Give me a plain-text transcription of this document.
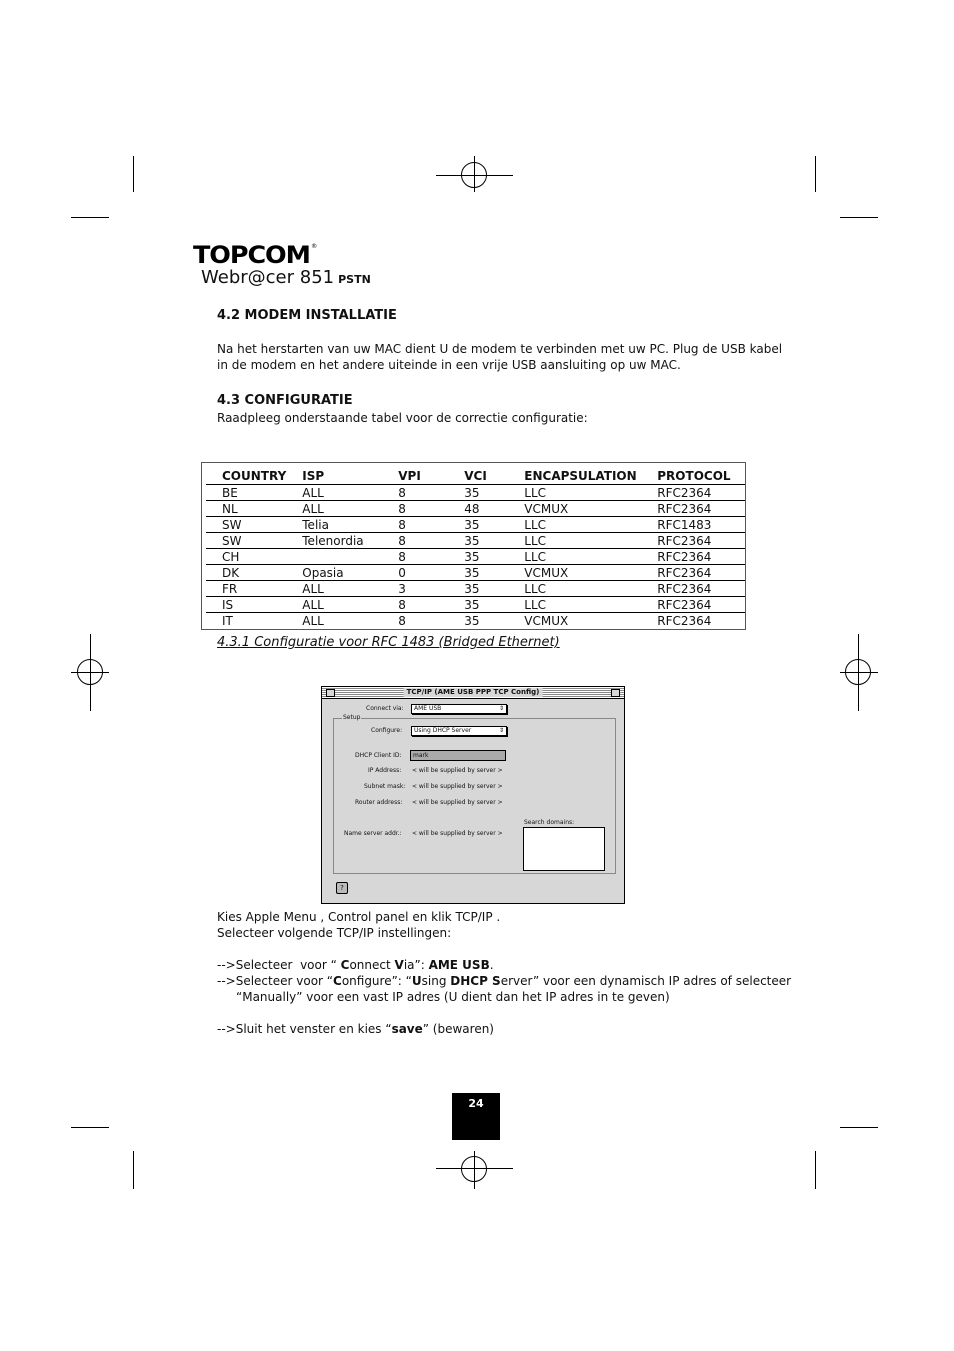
TOPCOM®
Webr@cer 851 PSTN
4.2 MODEM INSTALLATIE
Na het herstarten van uw MAC dient U de modem te verbinden met uw PC. Plug de USB kabel
in de modem en het andere uiteinde in een vrije USB aansluiting op uw MAC.
4.3 CONFIGURATIE
Raadpleeg onderstaande tabel voor de correctie configuratie:
COUNTRY	ISP	VPI	VCI	ENCAPSULATION	PROTOCOL
BE	ALL	8	35	LLC	RFC2364
NL	ALL	8	48	VCMUX	RFC2364
SW	Telia	8	35	LLC	RFC1483
SW	Telenordia	8	35	LLC	RFC2364
CH		8	35	LLC	RFC2364
DK	Opasia	0	35	VCMUX	RFC2364
FR	ALL	3	35	LLC	RFC2364
IS	ALL	8	35	LLC	RFC2364
IT	ALL	8	35	VCMUX	RFC2364
4.3.1 Configuratie voor RFC 1483 (Bridged Ethernet)
TCP/IP (AME USB PPP TCP Config)
Connect via:	AME USB	⇕
Setup
Configure:	Using DHCP Server	⇕
DHCP Client ID:	mark
IP Address: < will be supplied by server >
Subnet mask: < will be supplied by server >
Router address: < will be supplied by server >
Search domains:
Name server addr.: < will be supplied by server >
?
Kies Apple Menu , Control panel en klik TCP/IP .
Selecteer volgende TCP/IP instellingen:
-->Selecteer  voor “ Connect Via”: AME USB.
-->Selecteer voor “Configure”: “Using DHCP Server” voor een dynamisch IP adres of selecteer
“Manually” voor een vast IP adres (U dient dan het IP adres in te geven)
-->Sluit het venster en kies “save” (bewaren)
24
